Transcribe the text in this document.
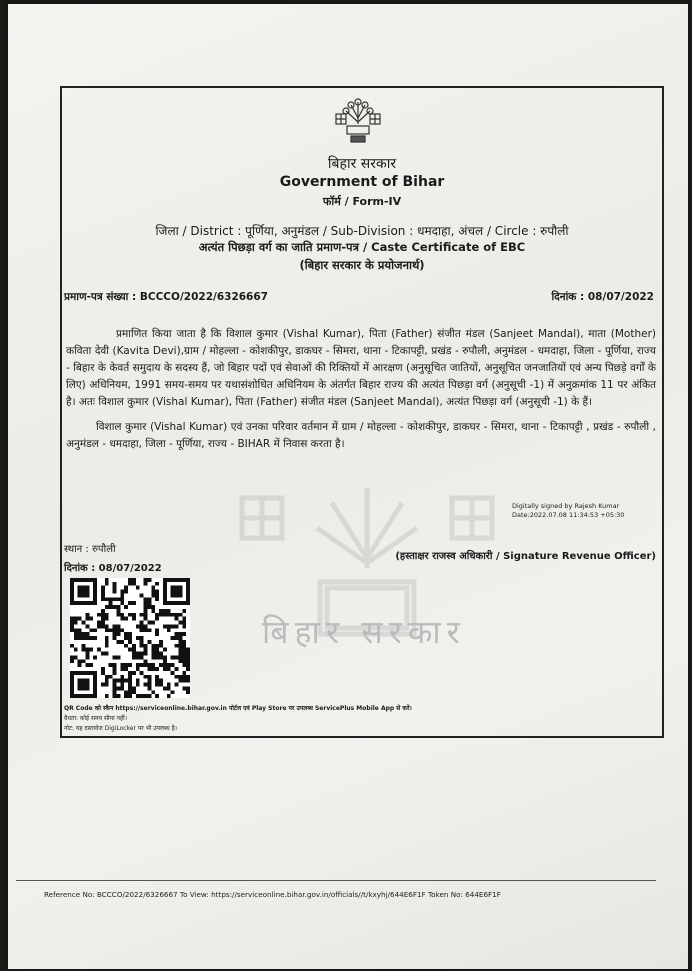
बिहार सरकार
Government of Bihar
फॉर्म / Form-IV
जिला / District : पूर्णिया, अनुमंडल / Sub-Division : धमदाहा, अंचल / Circle : रुपौली
अत्यंत पिछड़ा वर्ग का जाति प्रमाण-पत्र / Caste Certificate of EBC
(बिहार सरकार के प्रयोजनार्थ)
प्रमाण-पत्र संख्या : BCCCO/2022/6326667	दिनांक : 08/07/2022
बिहार सरकार

प्रमाणित किया जाता है कि विशाल कुमार (Vishal Kumar), पिता (Father) संजीत मंडल (Sanjeet Mandal), माता (Mother) कविता देवी (Kavita Devi),ग्राम / मोहल्ला - कोशकीपुर, डाकघर - सिमरा, थाना - टिकापट्टी, प्रखंड - रुपौली, अनुमंडल - धमदाहा, जिला - पूर्णिया, राज्य - बिहार के केवर्त समुदाय के सदस्य हैं, जो बिहार पदों एवं सेवाओं की रिक्तियों में आरक्षण (अनुसूचित जातियों, अनुसूचित जनजातियों एवं अन्य पिछड़े वर्गों के लिए) अधिनियम, 1991 समय-समय पर यथासंशोधित अधिनियम के अंतर्गत बिहार राज्य की अत्यंत पिछड़ा वर्ग (अनुसूची -1) में अनुक्रमांक 11 पर अंकित है। अतः विशाल कुमार (Vishal Kumar), पिता (Father) संजीत मंडल (Sanjeet Mandal), अत्यंत पिछड़ा वर्ग (अनुसूची -1) के हैं।

विशाल कुमार (Vishal Kumar) एवं उनका परिवार वर्तमान में ग्राम / मोहल्ला - कोशकीपुर, डाकघर - सिमरा, थाना - टिकापट्टी , प्रखंड - रुपौली , अनुमंडल - धमदाहा, जिला - पूर्णिया, राज्य - BIHAR में निवास करता है।

Digitally signed by Rajesh Kumar
Date:2022.07.08 11:34:53 +05:30
स्थान : रुपौली
दिनांक : 08/07/2022
(हस्ताक्षर राजस्व अधिकारी / Signature Revenue Officer)
QR Code को स्कैन https://serviceonline.bihar.gov.in पोर्टल एवं Play Store पर उपलब्ध ServicePlus Mobile App से करें।
वैधता: कोई समय सीमा नहीं।
नोट: यह दस्तावेज DigiLocker पर भी उपलब्ध है।
Reference No: BCCCO/2022/6326667 To View: https://serviceonline.bihar.gov.in/officials//t/kxyhj/644E6F1F Token No: 644E6F1F
